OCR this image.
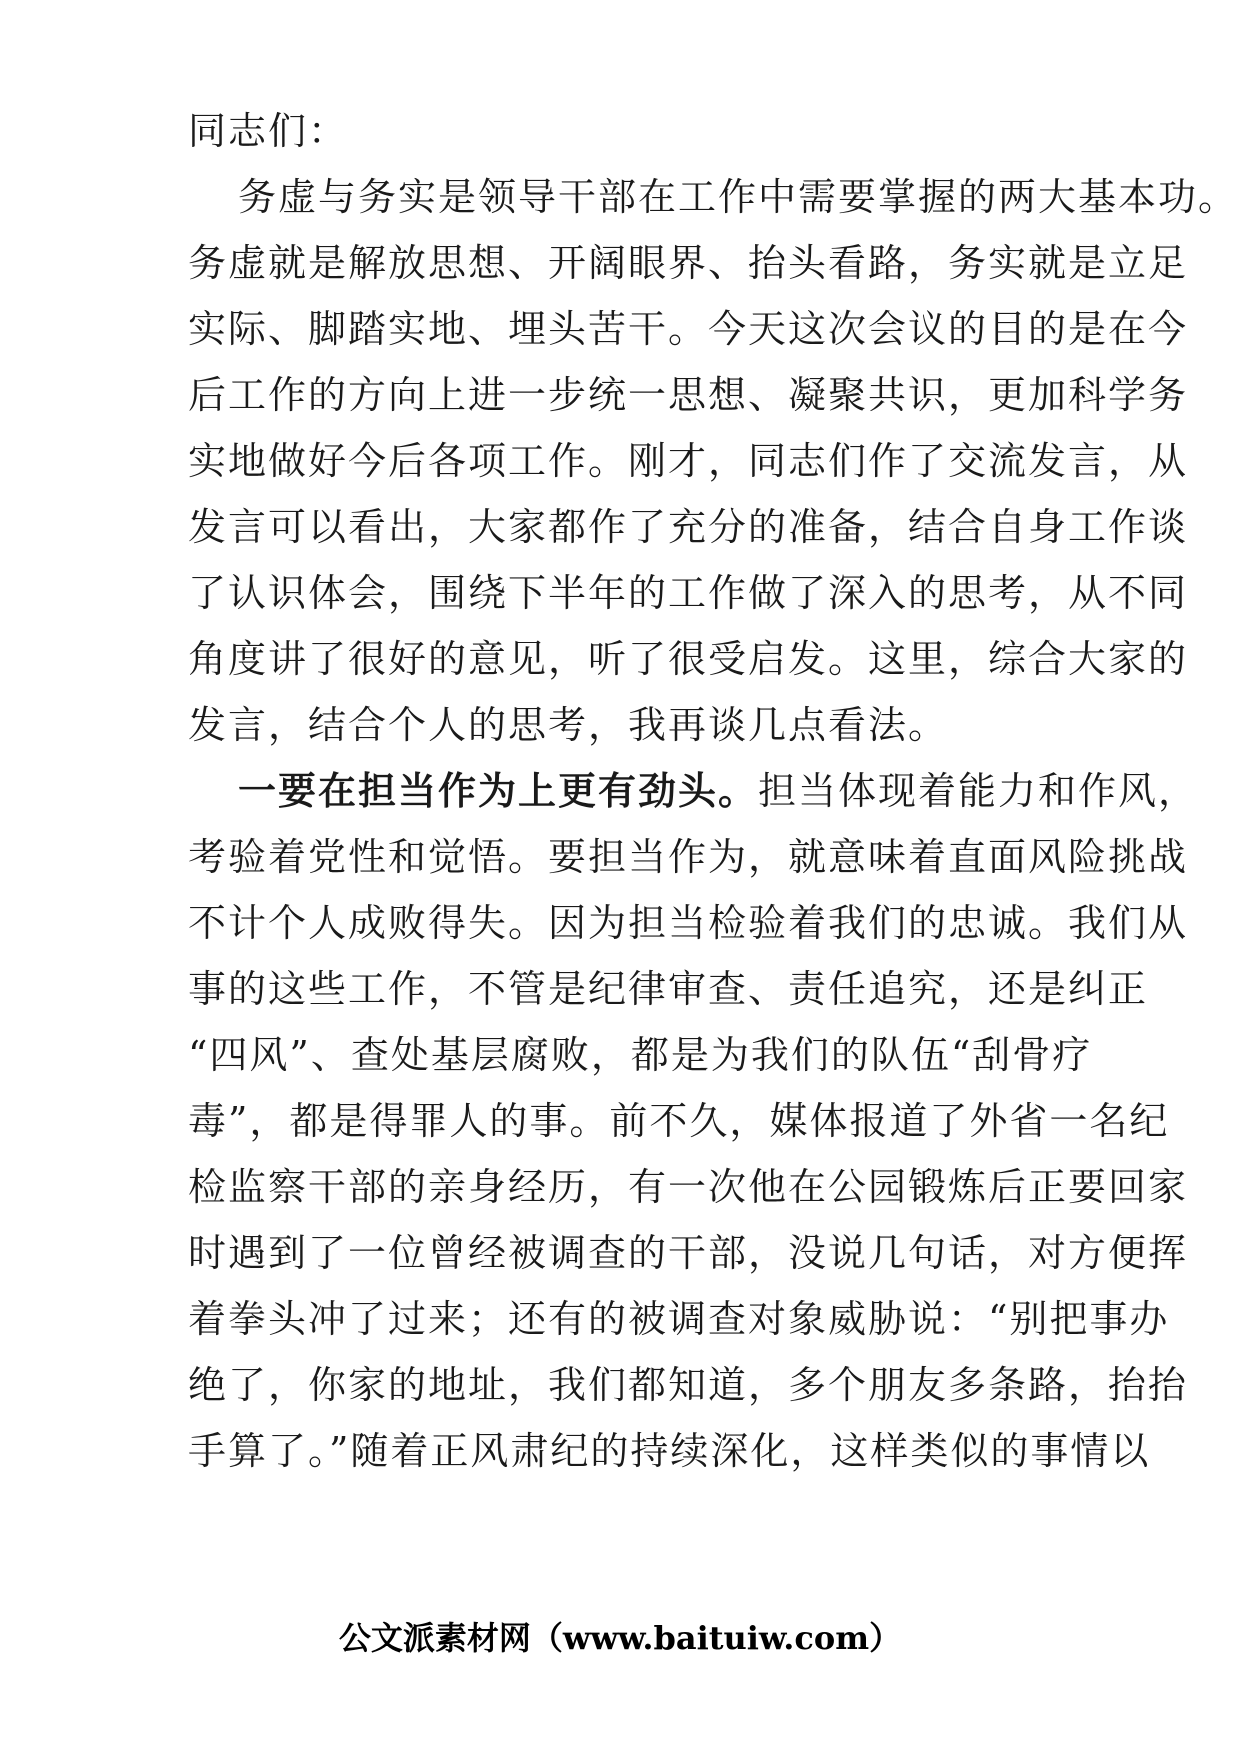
同志们：
务虚与务实是领导干部在工作中需要掌握的两大基本功。
务虚就是解放思想、开阔眼界、抬头看路，务实就是立足
实际、脚踏实地、埋头苦干。今天这次会议的目的是在今
后工作的方向上进一步统一思想、凝聚共识，更加科学务
实地做好今后各项工作。刚才，同志们作了交流发言，从
发言可以看出，大家都作了充分的准备，结合自身工作谈
了认识体会，围绕下半年的工作做了深入的思考，从不同
角度讲了很好的意见，听了很受启发。这里，综合大家的
发言，结合个人的思考，我再谈几点看法。
一要在担当作为上更有劲头。担当体现着能力和作风，
考验着党性和觉悟。要担当作为，就意味着直面风险挑战
不计个人成败得失。因为担当检验着我们的忠诚。我们从
事的这些工作，不管是纪律审查、责任追究，还是纠正
“四风”、查处基层腐败，都是为我们的队伍“刮骨疗
毒”，都是得罪人的事。前不久，媒体报道了外省一名纪
检监察干部的亲身经历，有一次他在公园锻炼后正要回家
时遇到了一位曾经被调查的干部，没说几句话，对方便挥
着拳头冲了过来；还有的被调查对象威胁说：“别把事办
绝了，你家的地址，我们都知道，多个朋友多条路，抬抬
手算了。”随着正风肃纪的持续深化，这样类似的事情以
公文派素材网（www.baituiw.com）
